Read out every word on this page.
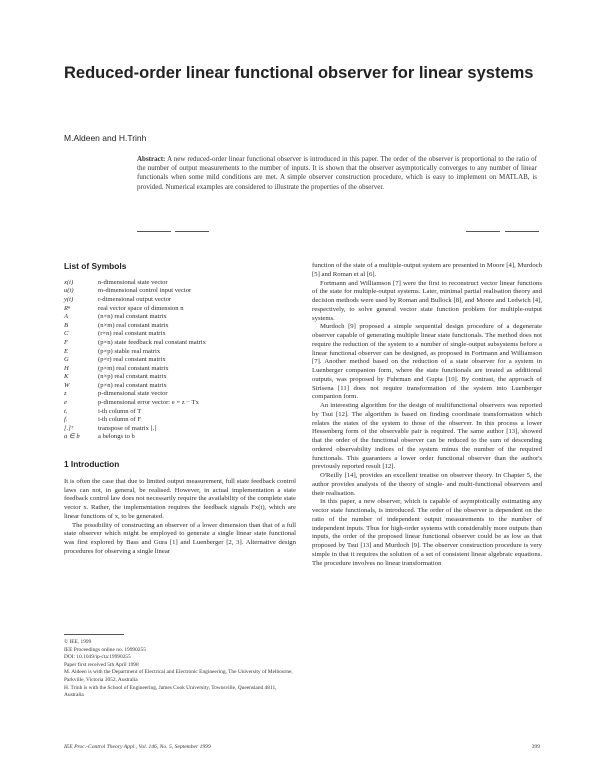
Reduced-order linear functional observer for linear systems
M.Aldeen and H.Trinh
Abstract: A new reduced-order linear functional observer is introduced in this paper. The order of the observer is proportional to the ratio of the number of output measurements to the number of inputs. It is shown that the observer asymptotically converges to any number of linear functionals when some mild conditions are met. A simple observer construction procedure, which is easy to implement on MATLAB, is provided. Numerical examples are considered to illustrate the properties of the observer.
List of Symbols
x(t)	n-dimensional state vector
u(t)	m-dimensional control input vector
y(t)	r-dimensional output vector
Rⁿ	real vector space of dimension n
A	(n×n) real constant matrix
B	(n×m) real constant matrix
C	(r×n) real constant matrix
F	(p×n) state feedback real constant matrix
E	(p×p) stable real matrix
G	(p×r) real constant matrix
H	(p×m) real constant matrix
K	(n×p) real constant matrix
W	(p×n) real constant matrix
z	p-dimensional state vector
e	p-dimensional error vector: e = z − Tx
tᵢ	i-th column of T
fᵢ	i-th column of F
[.]ᵀ	transpose of matrix [.]
a ∈ b	a belongs to b
1 Introduction

It is often the case that due to limited output measurement, full state feedback control laws can not, in general, be realised. However, in actual implementation a state feedback control law does not necessarily require the availability of the complete state vector x. Rather, the implementation requires the feedback signals Fx(t), which are linear functions of x, to be generated.

The possibility of constructing an observer of a lower dimension than that of a full state observer which might be employed to generate a single linear state functional was first explored by Bass and Gura [1] and Luenberger [2, 3]. Alternative design procedures for observing a single linear

© IEE, 1999
IEE Proceedings online no. 19990255
DOI: 10.1049/ip-cta:19990255
Paper first received 5th April 1998
M. Aldeen is with the Department of Electrical and Electronic Engineering, The University of Melbourne, Parkville, Victoria 3052, Australia
H. Trinh is with the School of Engineering, James Cook University, Townsville, Queensland 4811, Australia

function of the state of a multiple-output system are presented in Moore [4], Murdoch [5] and Roman et al [6].

Fortmann and Williamson [7] were the first to reconstruct vector linear functions of the state for multiple-output systems. Later, minimal partial realisation theory and decision methods were used by Roman and Bullock [8], and Moore and Ledwich [4], respectively, to solve general vector state function problem for multiple-output systems.

Murdoch [9] proposed a simple sequential design procedure of a degenerate observer capable of generating multiple linear state functionals. The method does not require the reduction of the system to a number of single-output subsystems before a linear functional observer can be designed, as proposed in Fortmann and Williamson [7]. Another method based on the reduction of a state observer for a system in Luenberger companion form, where the state functionals are treated as additional outputs, was proposed by Fuhrman and Gupta [10]. By contrast, the approach of Sirisena [11] does not require transformation of the system into Luenberger companion form.

An interesting algorithm for the design of multifunctional observers was reported by Tsui [12]. The algorithm is based on finding coordinate transformation which relates the states of the system to those of the observer. In this process a lower Hessenberg form of the observable pair is required. The same author [13], showed that the order of the functional observer can be reduced to the sum of descending ordered observability indices of the system minus the number of the required functionals. This guarantees a lower order functional observer than the author's previously reported result [12].

O'Reilly [14], provides an excellent treatise on observer theory. In Chapter 5, the author provides analysis of the theory of single- and multi-functional observers and their realisation.

In this paper, a new observer, which is capable of asymptotically estimating any vector state functionals, is introduced. The order of the observer is dependent on the ratio of the number of independent output measurements to the number of independent inputs. Thus for high-order systems with considerably more outputs than inputs, the order of the proposed linear functional observer could be as low as that proposed by Tsui [13] and Murdoch [9]. The observer construction procedure is very simple in that it requires the solution of a set of consistent linear algebraic equations. The procedure involves no linear transformation

IEE Proc.-Control Theory Appl., Vol. 146, No. 5, September 1999	399
